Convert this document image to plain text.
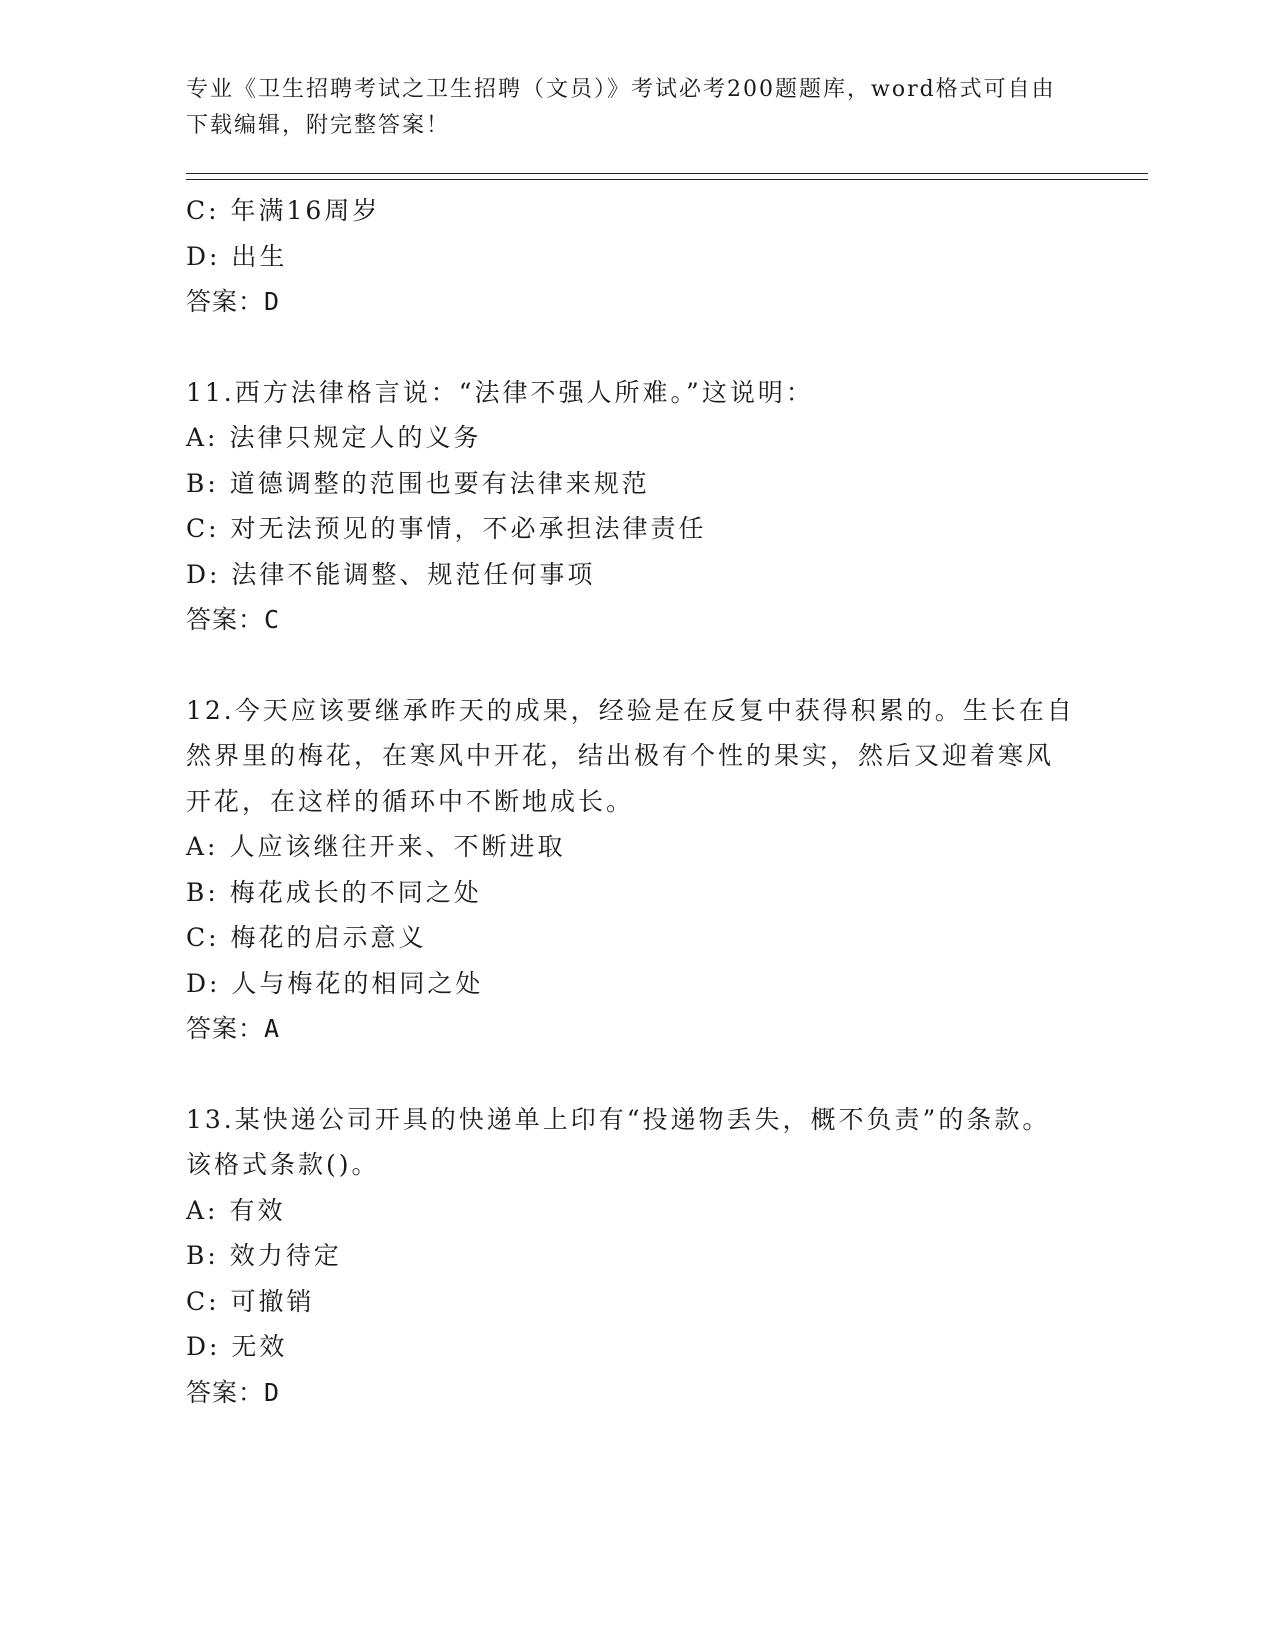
专业《卫生招聘考试之卫生招聘（文员）》考试必考200题题库，word格式可自由下载编辑，附完整答案！
C: 年满16周岁
D: 出生
答案：D
11.西方法律格言说：“法律不强人所难。”这说明：
A: 法律只规定人的义务
B: 道德调整的范围也要有法律来规范
C: 对无法预见的事情，不必承担法律责任
D: 法律不能调整、规范任何事项
答案：C
12.今天应该要继承昨天的成果，经验是在反复中获得积累的。生长在自然界里的梅花，在寒风中开花，结出极有个性的果实，然后又迎着寒风开花，在这样的循环中不断地成长。
A: 人应该继往开来、不断进取
B: 梅花成长的不同之处
C: 梅花的启示意义
D: 人与梅花的相同之处
答案：A
13.某快递公司开具的快递单上印有“投递物丢失，概不负责”的条款。该格式条款()。
A: 有效
B: 效力待定
C: 可撤销
D: 无效
答案：D
